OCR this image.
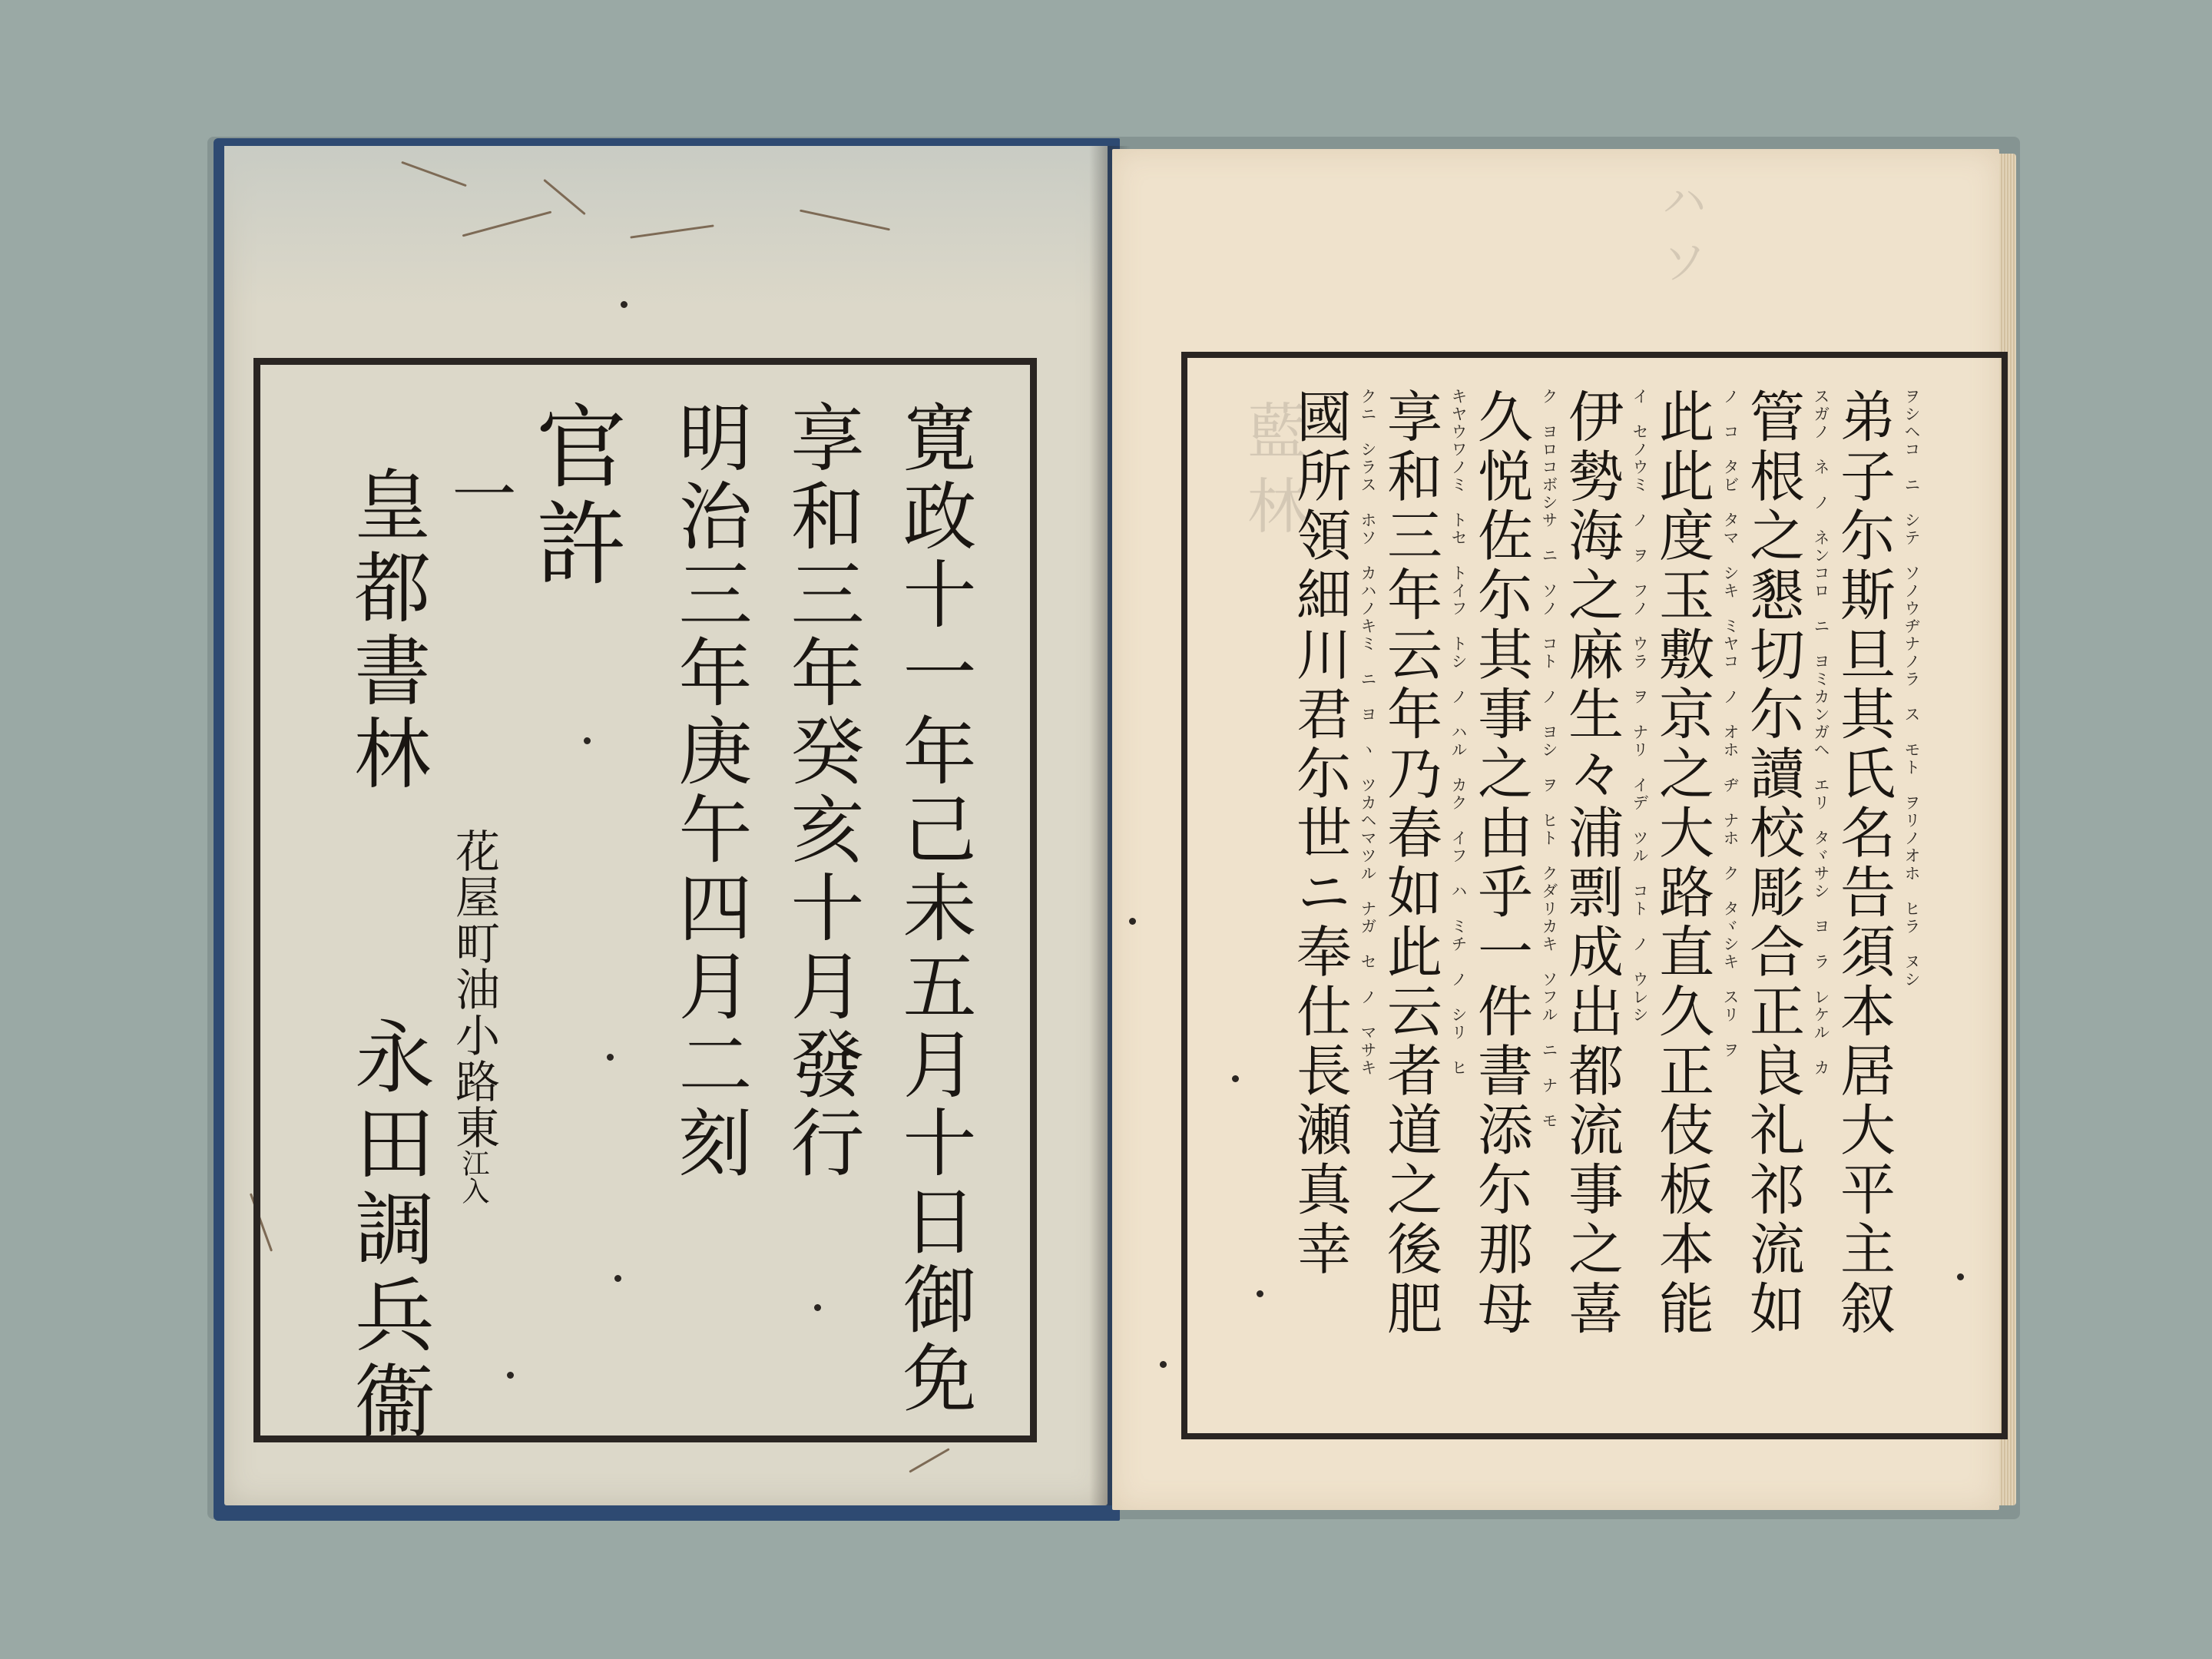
寛政十一年己未五月十日御免
享和三年癸亥十月發行
明治三年庚午四月二刻
官許
一
皇都書林
花屋町油小路東
江入
永田調兵衞
藍林
ハソ
弟子尓斯旦其氏名告須本居大平主叙
管根之懇切尓讀校彫合正良礼祁流如
此此度玉敷京之大路直久正伎板本能
伊勢海之麻生々浦剽成出都流事之喜
久悦佐尓其事之由乎一件書添尓那母
享和三年云年乃春如此云者道之後肥
國所領細川君尓世ニ奉仕長瀬真幸	ヲシヘコ　ニ　シテ　ソノウヂナノラ　ス　モト　ヲリノオホ　ヒラ　ヌシ
スガノ　ネ　ノ　ネンコロ　ニ　ヨミカンガヘ　エリ　タヾサシ　ヨ　ラ　レケル　カ
ノ　コ　タビ　タマ　シキ　ミヤコ　ノ　オホ　ヂ　ナホ　ク　タヾシキ　スリ　ヲ
イ　セノウミ　ノ　ヲ　フノ　ウラ　ヲ　ナリ　イデ　ツル　コト　ノ　ウレシ
ク　ヨロコボシサ　ニ　ソノ　コト　ノ　ヨシ　ヲ　ヒト　クダリカキ　ソフル　ニ　ナ　モ
キヤウワノミ　トセ　トイフ　トシ　ノ　ハル　カク　イフ　ハ　ミチ　ノ　シリ　ヒ
クニ　シラス　ホソ　カハノキミ　ニ　ヨ　ヽ　ツカヘマツル　ナガ　セ　ノ　マサキ
